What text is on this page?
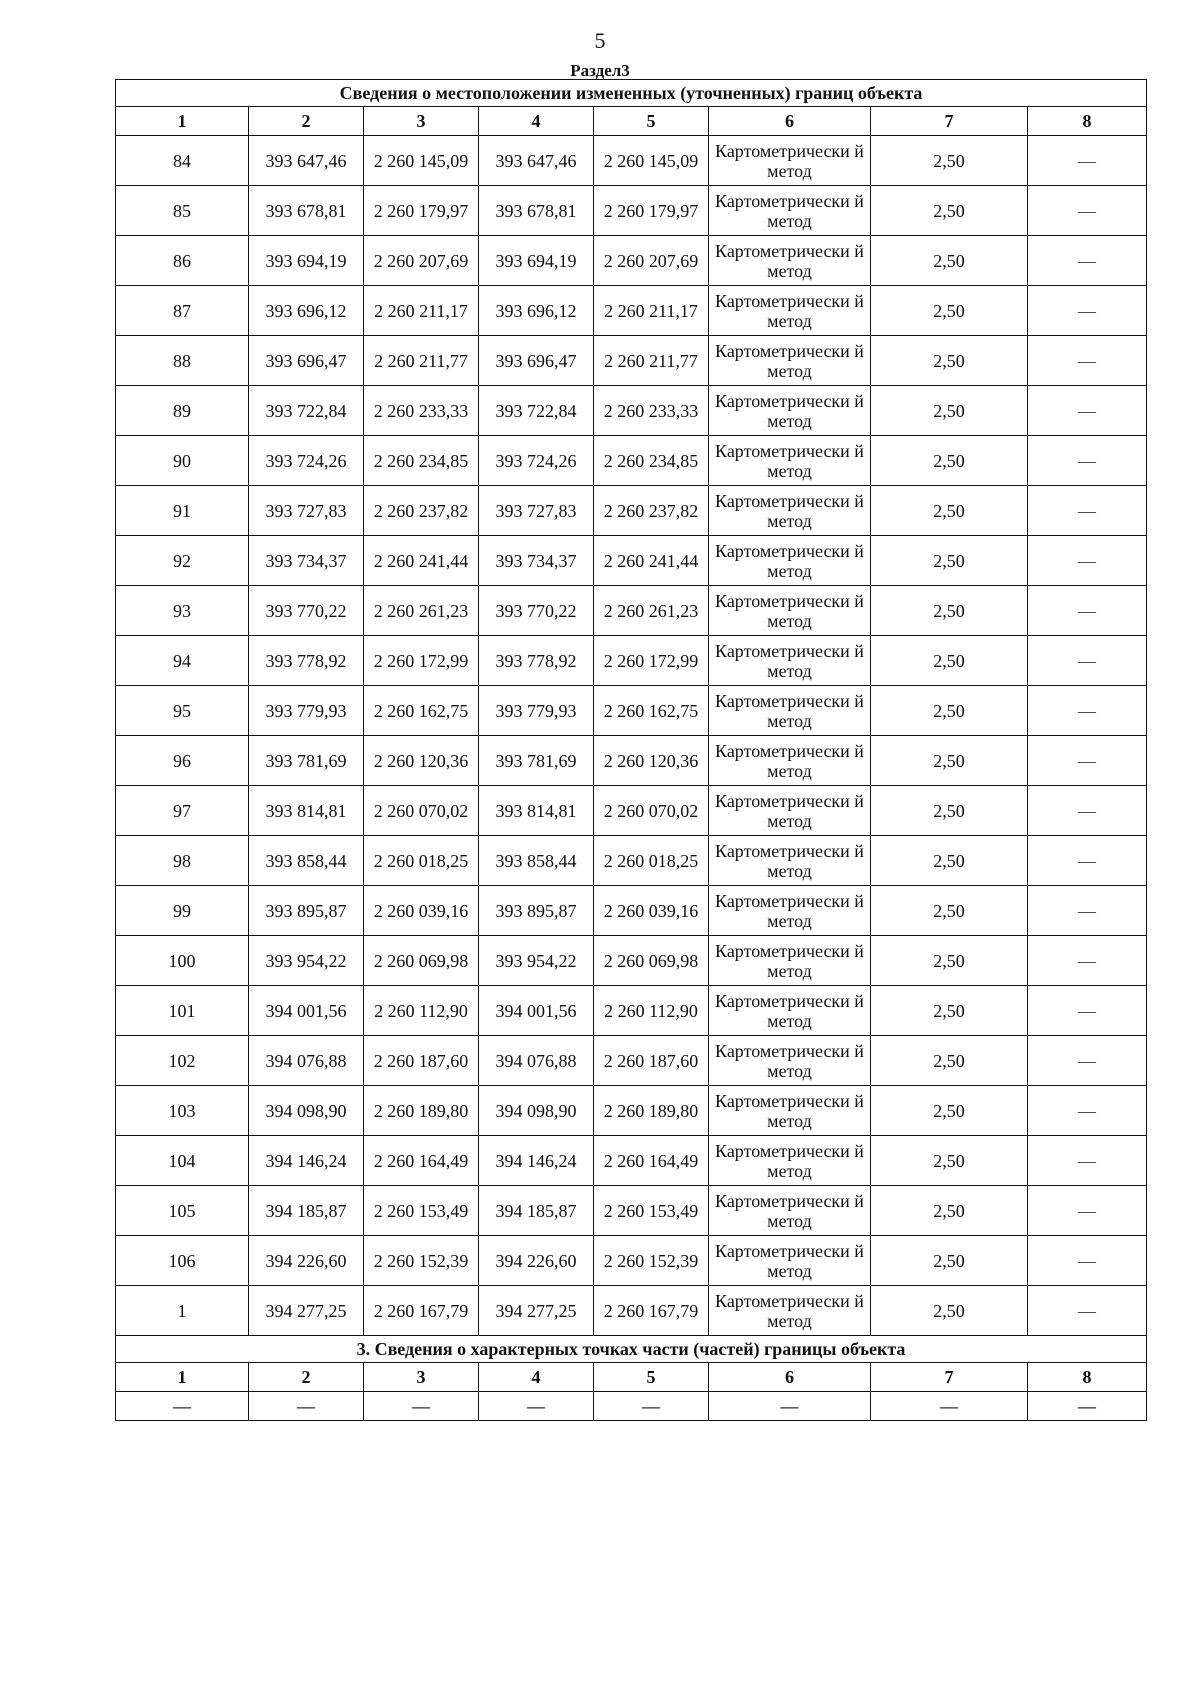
5
Раздел3
Сведения о местоположении измененных (уточненных) границ объекта							
1	2	3	4	5	6	7	8
84	393 647,46	2 260 145,09	393 647,46	2 260 145,09	Картометрически й метод	2,50	—
85	393 678,81	2 260 179,97	393 678,81	2 260 179,97	Картометрически й метод	2,50	—
86	393 694,19	2 260 207,69	393 694,19	2 260 207,69	Картометрически й метод	2,50	—
87	393 696,12	2 260 211,17	393 696,12	2 260 211,17	Картометрически й метод	2,50	—
88	393 696,47	2 260 211,77	393 696,47	2 260 211,77	Картометрически й метод	2,50	—
89	393 722,84	2 260 233,33	393 722,84	2 260 233,33	Картометрически й метод	2,50	—
90	393 724,26	2 260 234,85	393 724,26	2 260 234,85	Картометрически й метод	2,50	—
91	393 727,83	2 260 237,82	393 727,83	2 260 237,82	Картометрически й метод	2,50	—
92	393 734,37	2 260 241,44	393 734,37	2 260 241,44	Картометрически й метод	2,50	—
93	393 770,22	2 260 261,23	393 770,22	2 260 261,23	Картометрически й метод	2,50	—
94	393 778,92	2 260 172,99	393 778,92	2 260 172,99	Картометрически й метод	2,50	—
95	393 779,93	2 260 162,75	393 779,93	2 260 162,75	Картометрически й метод	2,50	—
96	393 781,69	2 260 120,36	393 781,69	2 260 120,36	Картометрически й метод	2,50	—
97	393 814,81	2 260 070,02	393 814,81	2 260 070,02	Картометрически й метод	2,50	—
98	393 858,44	2 260 018,25	393 858,44	2 260 018,25	Картометрически й метод	2,50	—
99	393 895,87	2 260 039,16	393 895,87	2 260 039,16	Картометрически й метод	2,50	—
100	393 954,22	2 260 069,98	393 954,22	2 260 069,98	Картометрически й метод	2,50	—
101	394 001,56	2 260 112,90	394 001,56	2 260 112,90	Картометрически й метод	2,50	—
102	394 076,88	2 260 187,60	394 076,88	2 260 187,60	Картометрически й метод	2,50	—
103	394 098,90	2 260 189,80	394 098,90	2 260 189,80	Картометрически й метод	2,50	—
104	394 146,24	2 260 164,49	394 146,24	2 260 164,49	Картометрически й метод	2,50	—
105	394 185,87	2 260 153,49	394 185,87	2 260 153,49	Картометрически й метод	2,50	—
106	394 226,60	2 260 152,39	394 226,60	2 260 152,39	Картометрически й метод	2,50	—
1	394 277,25	2 260 167,79	394 277,25	2 260 167,79	Картометрически й метод	2,50	—
3. Сведения о характерных точках части (частей) границы объекта							
1	2	3	4	5	6	7	8
—	—	—	—	—	—	—	—
